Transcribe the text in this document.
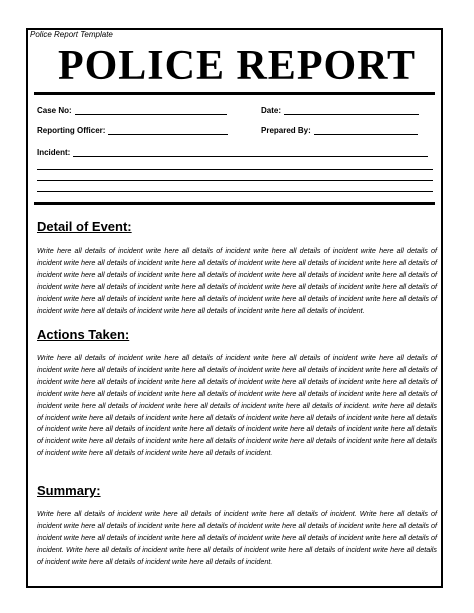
Police Report Template
POLICE REPORT
Case No:	Date:
Reporting Officer:	Prepared By:
Incident:
Detail of Event:
Write here all details of incident write here all details of incident write here all details of incident write here all details of incident write here all details of incident write here all details of incident write here all details of incident write here all details of incident write here all details of incident write here all details of incident write here all details of incident write here all details of incident write here all details of incident write here all details of incident write here all details of incident write here all details of incident write here all details of incident write here all details of incident write here all details of incident write here all details of incident write here all details of incident write here all details of incident write here all details of incident.
Actions Taken:
Write here all details of incident write here all details of incident write here all details of incident write here all details of incident write here all details of incident write here all details of incident write here all details of incident write here all details of incident write here all details of incident write here all details of incident write here all details of incident write here all details of incident write here all details of incident write here all details of incident write here all details of incident write here all details of incident write here all details of incident write here all details of incident write here all details of incident. write here all details of incident write here all details of incident write here all details of incident write here all details of incident write here all details of incident write here all details of incident write here all details of incident write here all details of incident write here all details of incident write here all details of incident write here all details of incident write here all details of incident write here all details of incident write here all details of incident write here all details of incident.
Summary:
Write here all details of incident write here all details of incident write here all details of incident. Write here all details of incident write here all details of incident write here all details of incident write here all details of incident write here all details of incident write here all details of incident write here all details of incident write here all details of incident write here all details of incident. Write here all details of incident write here all details of incident write here all details of incident write here all details of incident write here all details of incident write here all details of incident.
